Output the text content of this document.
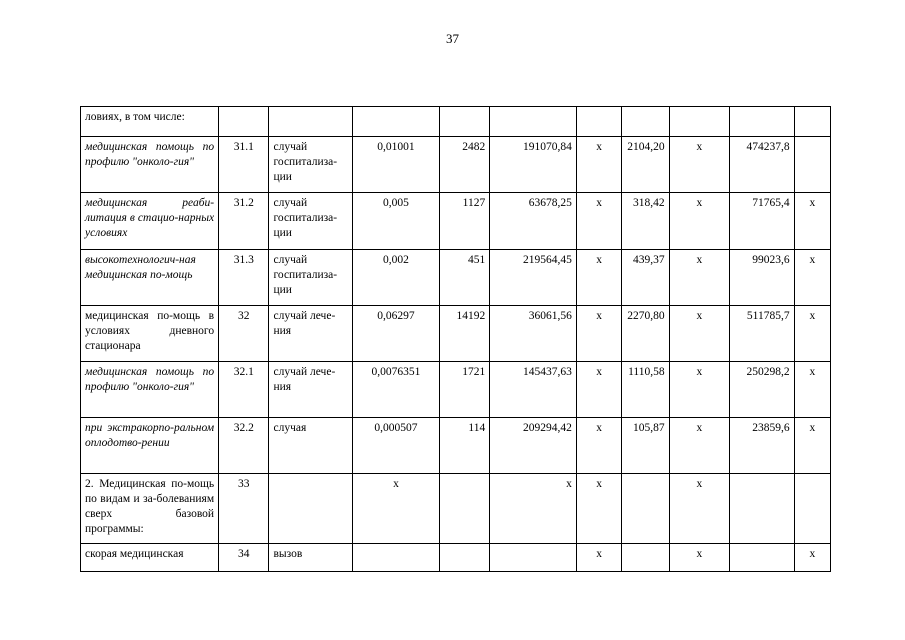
37
ловиях, в том числе:										
медицинская помощь по профилю "онколо-гия"	31.1	случай госпитализа-ции	0,01001	2482	191070,84	х	2104,20	х	474237,8	
медицинская реаби-литация в стацио-нарных условиях	31.2	случай госпитализа-ции	0,005	1127	63678,25	х	318,42	х	71765,4	х
высокотехнологич-ная медицинская по-мощь	31.3	случай госпитализа-ции	0,002	451	219564,45	х	439,37	х	99023,6	х
медицинская по-мощь в условиях дневного стационара	32	случай лече-ния	0,06297	14192	36061,56	х	2270,80	х	511785,7	х
медицинская помощь по профилю "онколо-гия"	32.1	случай лече-ния	0,0076351	1721	145437,63	х	1110,58	х	250298,2	х
при экстракорпо-ральном оплодотво-рении	32.2	случая	0,000507	114	209294,42	х	105,87	х	23859,6	х
2. Медицинская по-мощь по видам и за-болеваниям сверх базовой программы:	33		х		х	х		х		
скорая медицинская	34	вызов				х		х		х
